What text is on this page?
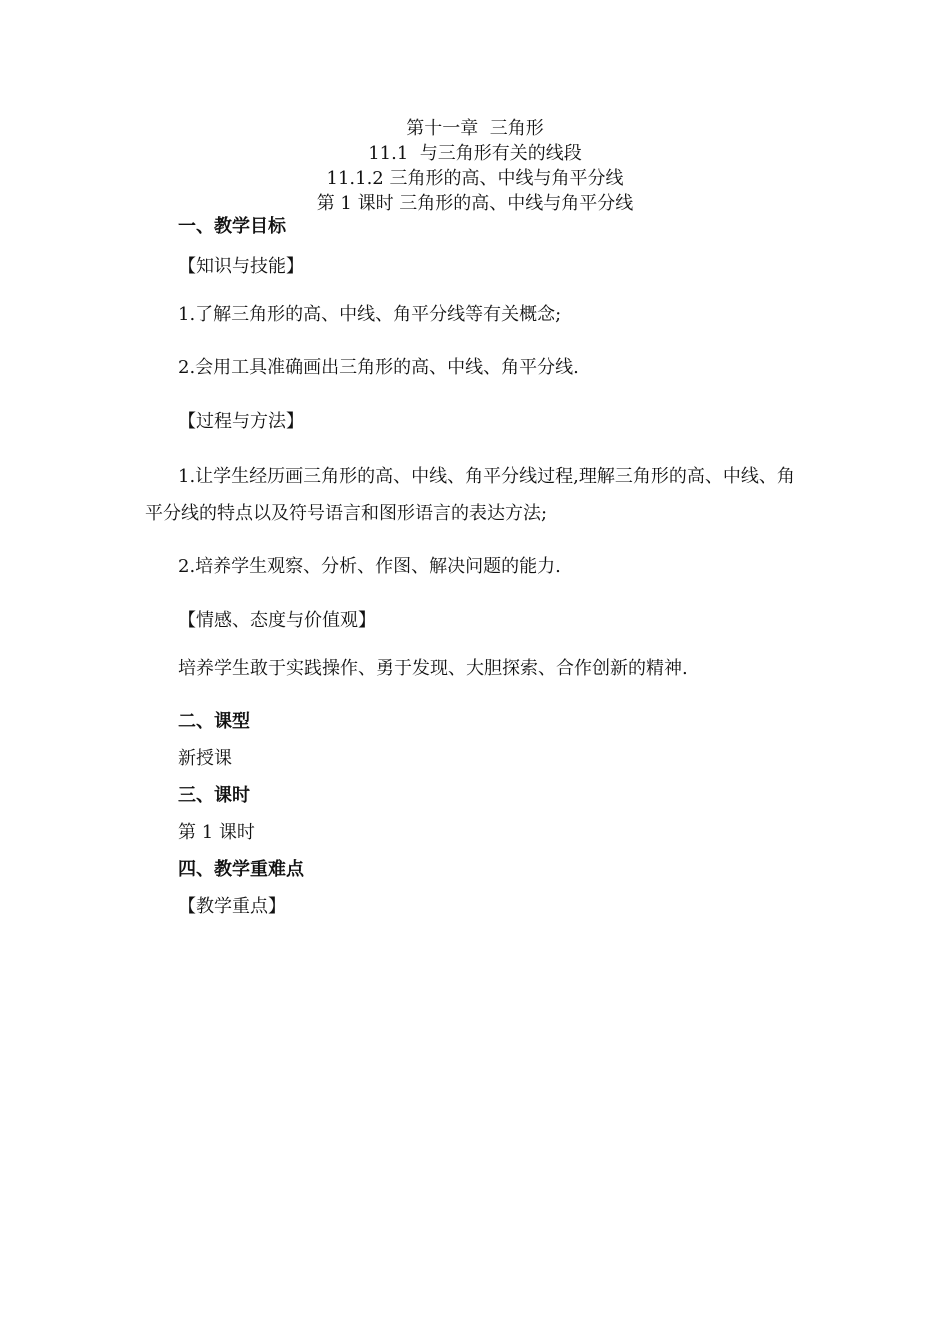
第十一章  三角形
11.1  与三角形有关的线段
11.1.2 三角形的高、中线与角平分线
第 1 课时 三角形的高、中线与角平分线
一、教学目标
【知识与技能】
1.了解三角形的高、中线、角平分线等有关概念;
2.会用工具准确画出三角形的高、中线、角平分线.
【过程与方法】
1.让学生经历画三角形的高、中线、角平分线过程,理解三角形的高、中线、角平分线的特点以及符号语言和图形语言的表达方法;
2.培养学生观察、分析、作图、解决问题的能力.
【情感、态度与价值观】
培养学生敢于实践操作、勇于发现、大胆探索、合作创新的精神.
二、课型
新授课
三、课时
第 1 课时
四、教学重难点
【教学重点】
